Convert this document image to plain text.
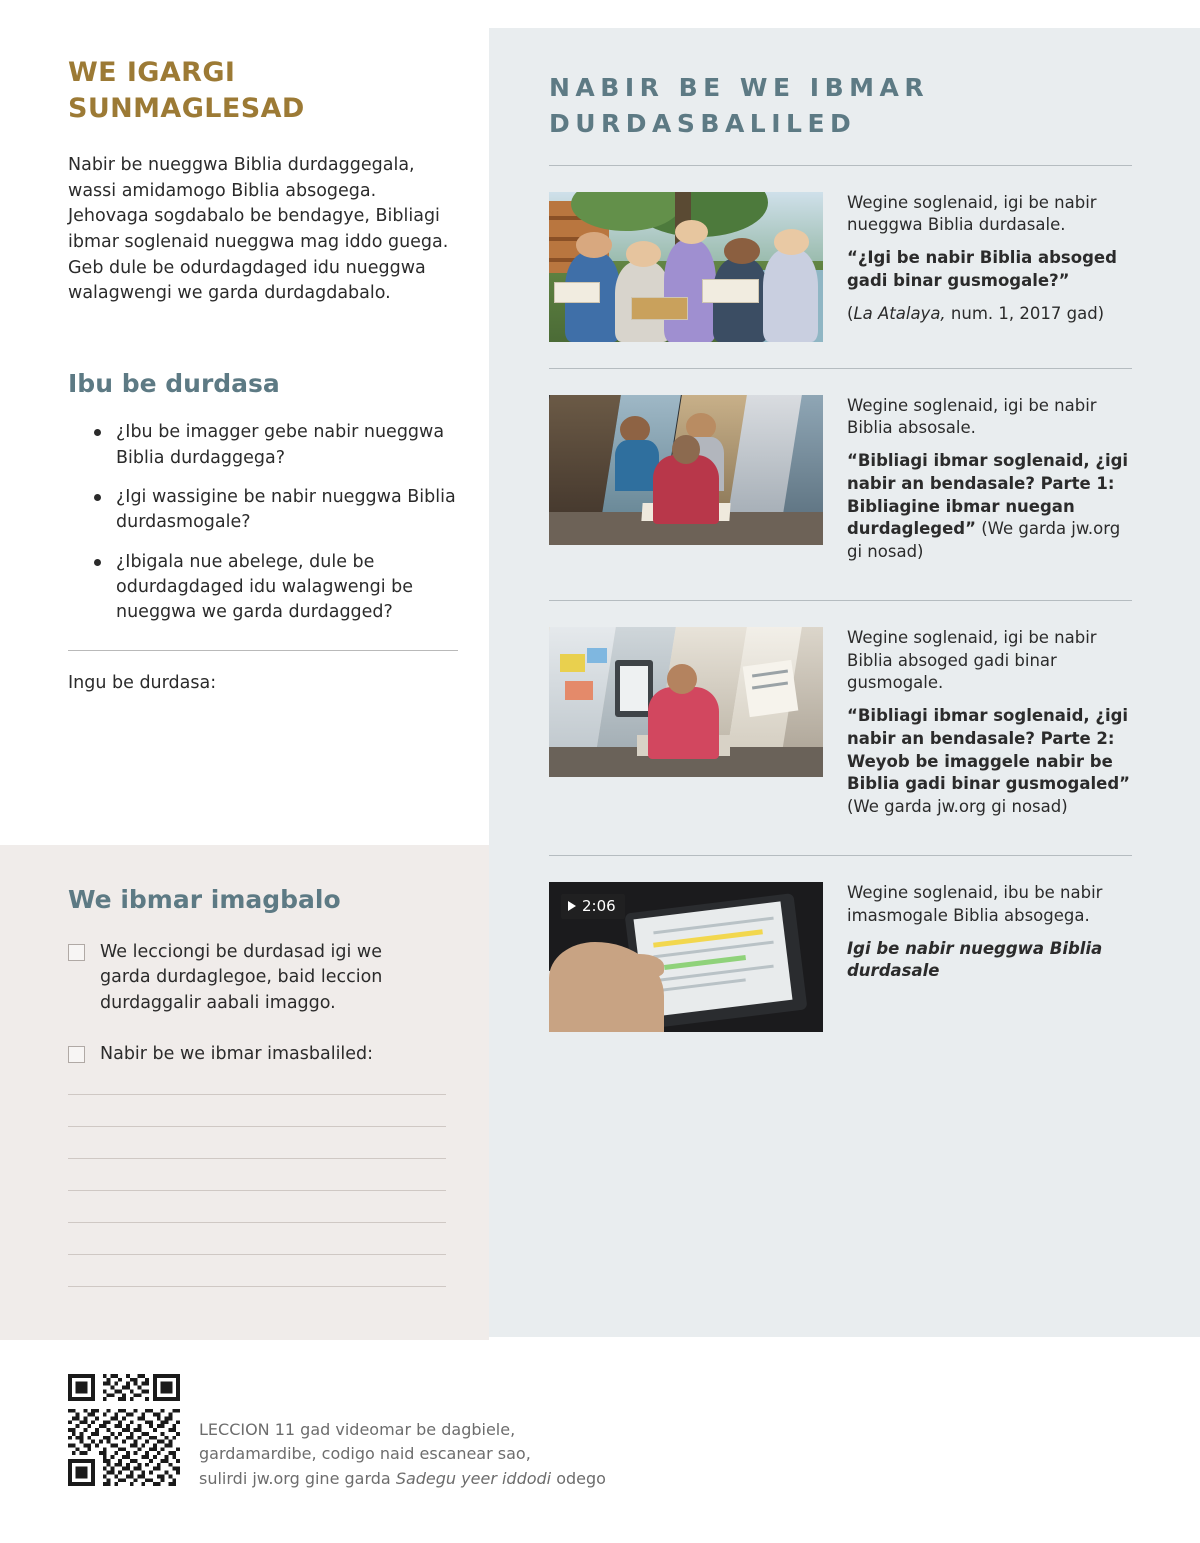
WE IGARGI SUNMAGLESAD

Nabir be nueggwa Biblia durdaggegala, wassi amidamogo Biblia absogega. Jehovaga sogdabalo be bendagye, Bibliagi ibmar soglenaid nueggwa mag iddo guega. Geb dule be odurdagdaged idu nueggwa walagwengi we garda durdagdabalo.

Ibu be durdasa
¿Ibu be imagger gebe nabir nueggwa Biblia durdaggega?
¿Igi wassigine be nabir nueggwa Biblia durdasmogale?
¿Ibigala nue abelege, dule be odurdagdaged idu walagwengi be nueggwa we garda durdagged?

Ingu be durdasa:

We ibmar imagbalo
We lecciongi be durdasad igi we garda durdaglegoe, baid leccion durdaggalir aabali imaggo.
Nabir be we ibmar imasbaliled:
NABIR BE WE IBMAR DURDASBALILED

Wegine soglenaid, igi be nabir nueggwa Biblia durdasale.

“¿Igi be nabir Biblia absoged gadi binar gusmogale?”

(La Atalaya, num. 1, 2017 gad)

Wegine soglenaid, igi be nabir Biblia absosale.

“Bibliagi ibmar soglenaid, ¿igi nabir an bendasale? Parte 1: Bibliagine ibmar nuegan durdagleged” (We garda jw.org gi nosad)

Wegine soglenaid, igi be nabir Biblia absoged gadi binar gusmogale.

“Bibliagi ibmar soglenaid, ¿igi nabir an bendasale? Parte 2: Weyob be imaggele nabir be Biblia gadi binar gusmogaled” (We garda jw.org gi nosad)

2:06

Wegine soglenaid, ibu be nabir imasmogale Biblia absogega.

Igi be nabir nueggwa Biblia durdasale

LECCION 11 gad videomar be dagbiele,
gardamardibe, codigo naid escanear sao,
sulirdi jw.org gine garda Sadegu yeer iddodi odego
